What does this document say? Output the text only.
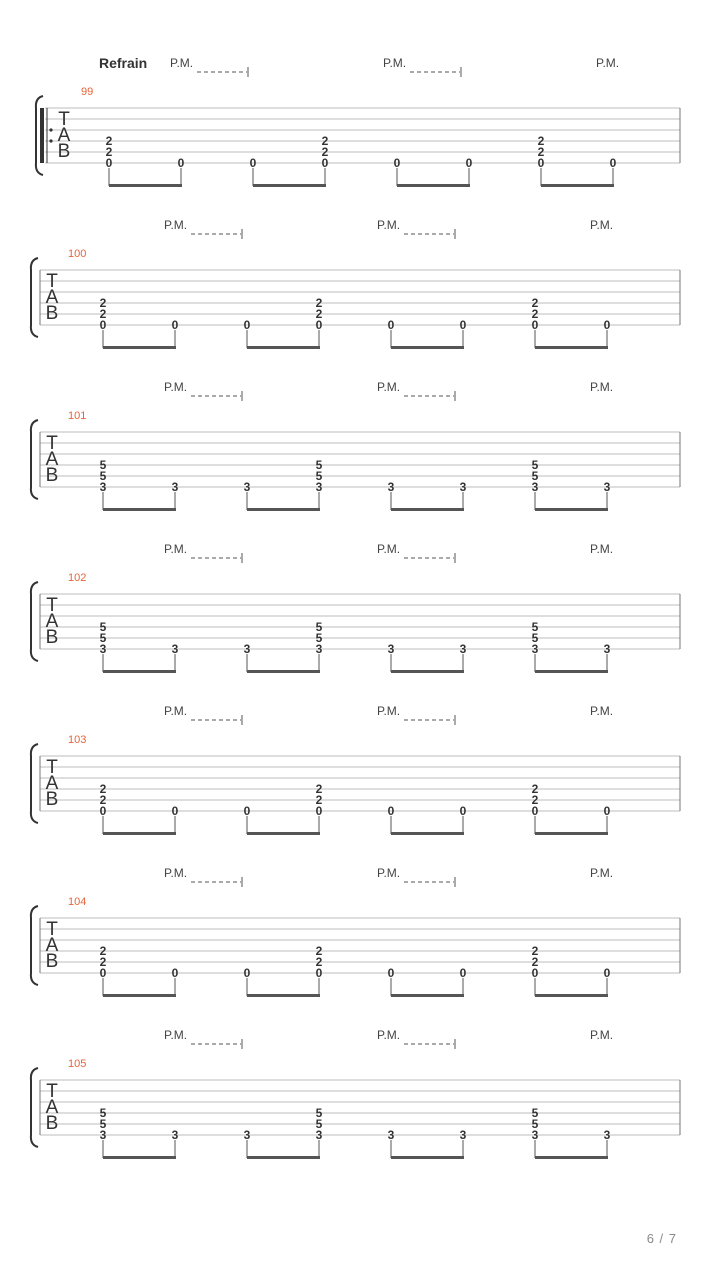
Refrain P.M.	P.M.	P.M.
99
T
A
B	2
2
0	0	0
2
2
0	0	0
2
2
0	0
P.M.	P.M.	P.M.
100
T
A
B	2
2
0	0	0
2
2
0	0	0
2
2
0	0
P.M.	P.M.	P.M.
101
T
A
B	5
5
3	3	3
5
5
3	3	3
5
5
3	3
P.M.	P.M.	P.M.
102
T
A
B	5
5
3	3	3
5
5
3	3	3
5
5
3	3
P.M.	P.M.	P.M.
103
T
A
B	2
2
0	0	0
2
2
0	0	0
2
2
0	0
P.M.	P.M.	P.M.
104
T
A
B	2
2
0	0	0
2
2
0	0	0
2
2
0	0
P.M.	P.M.	P.M.
105
T
A
B	5
5
3	3	3
5
5
3	3	3
5
5
3	3
6 / 7
